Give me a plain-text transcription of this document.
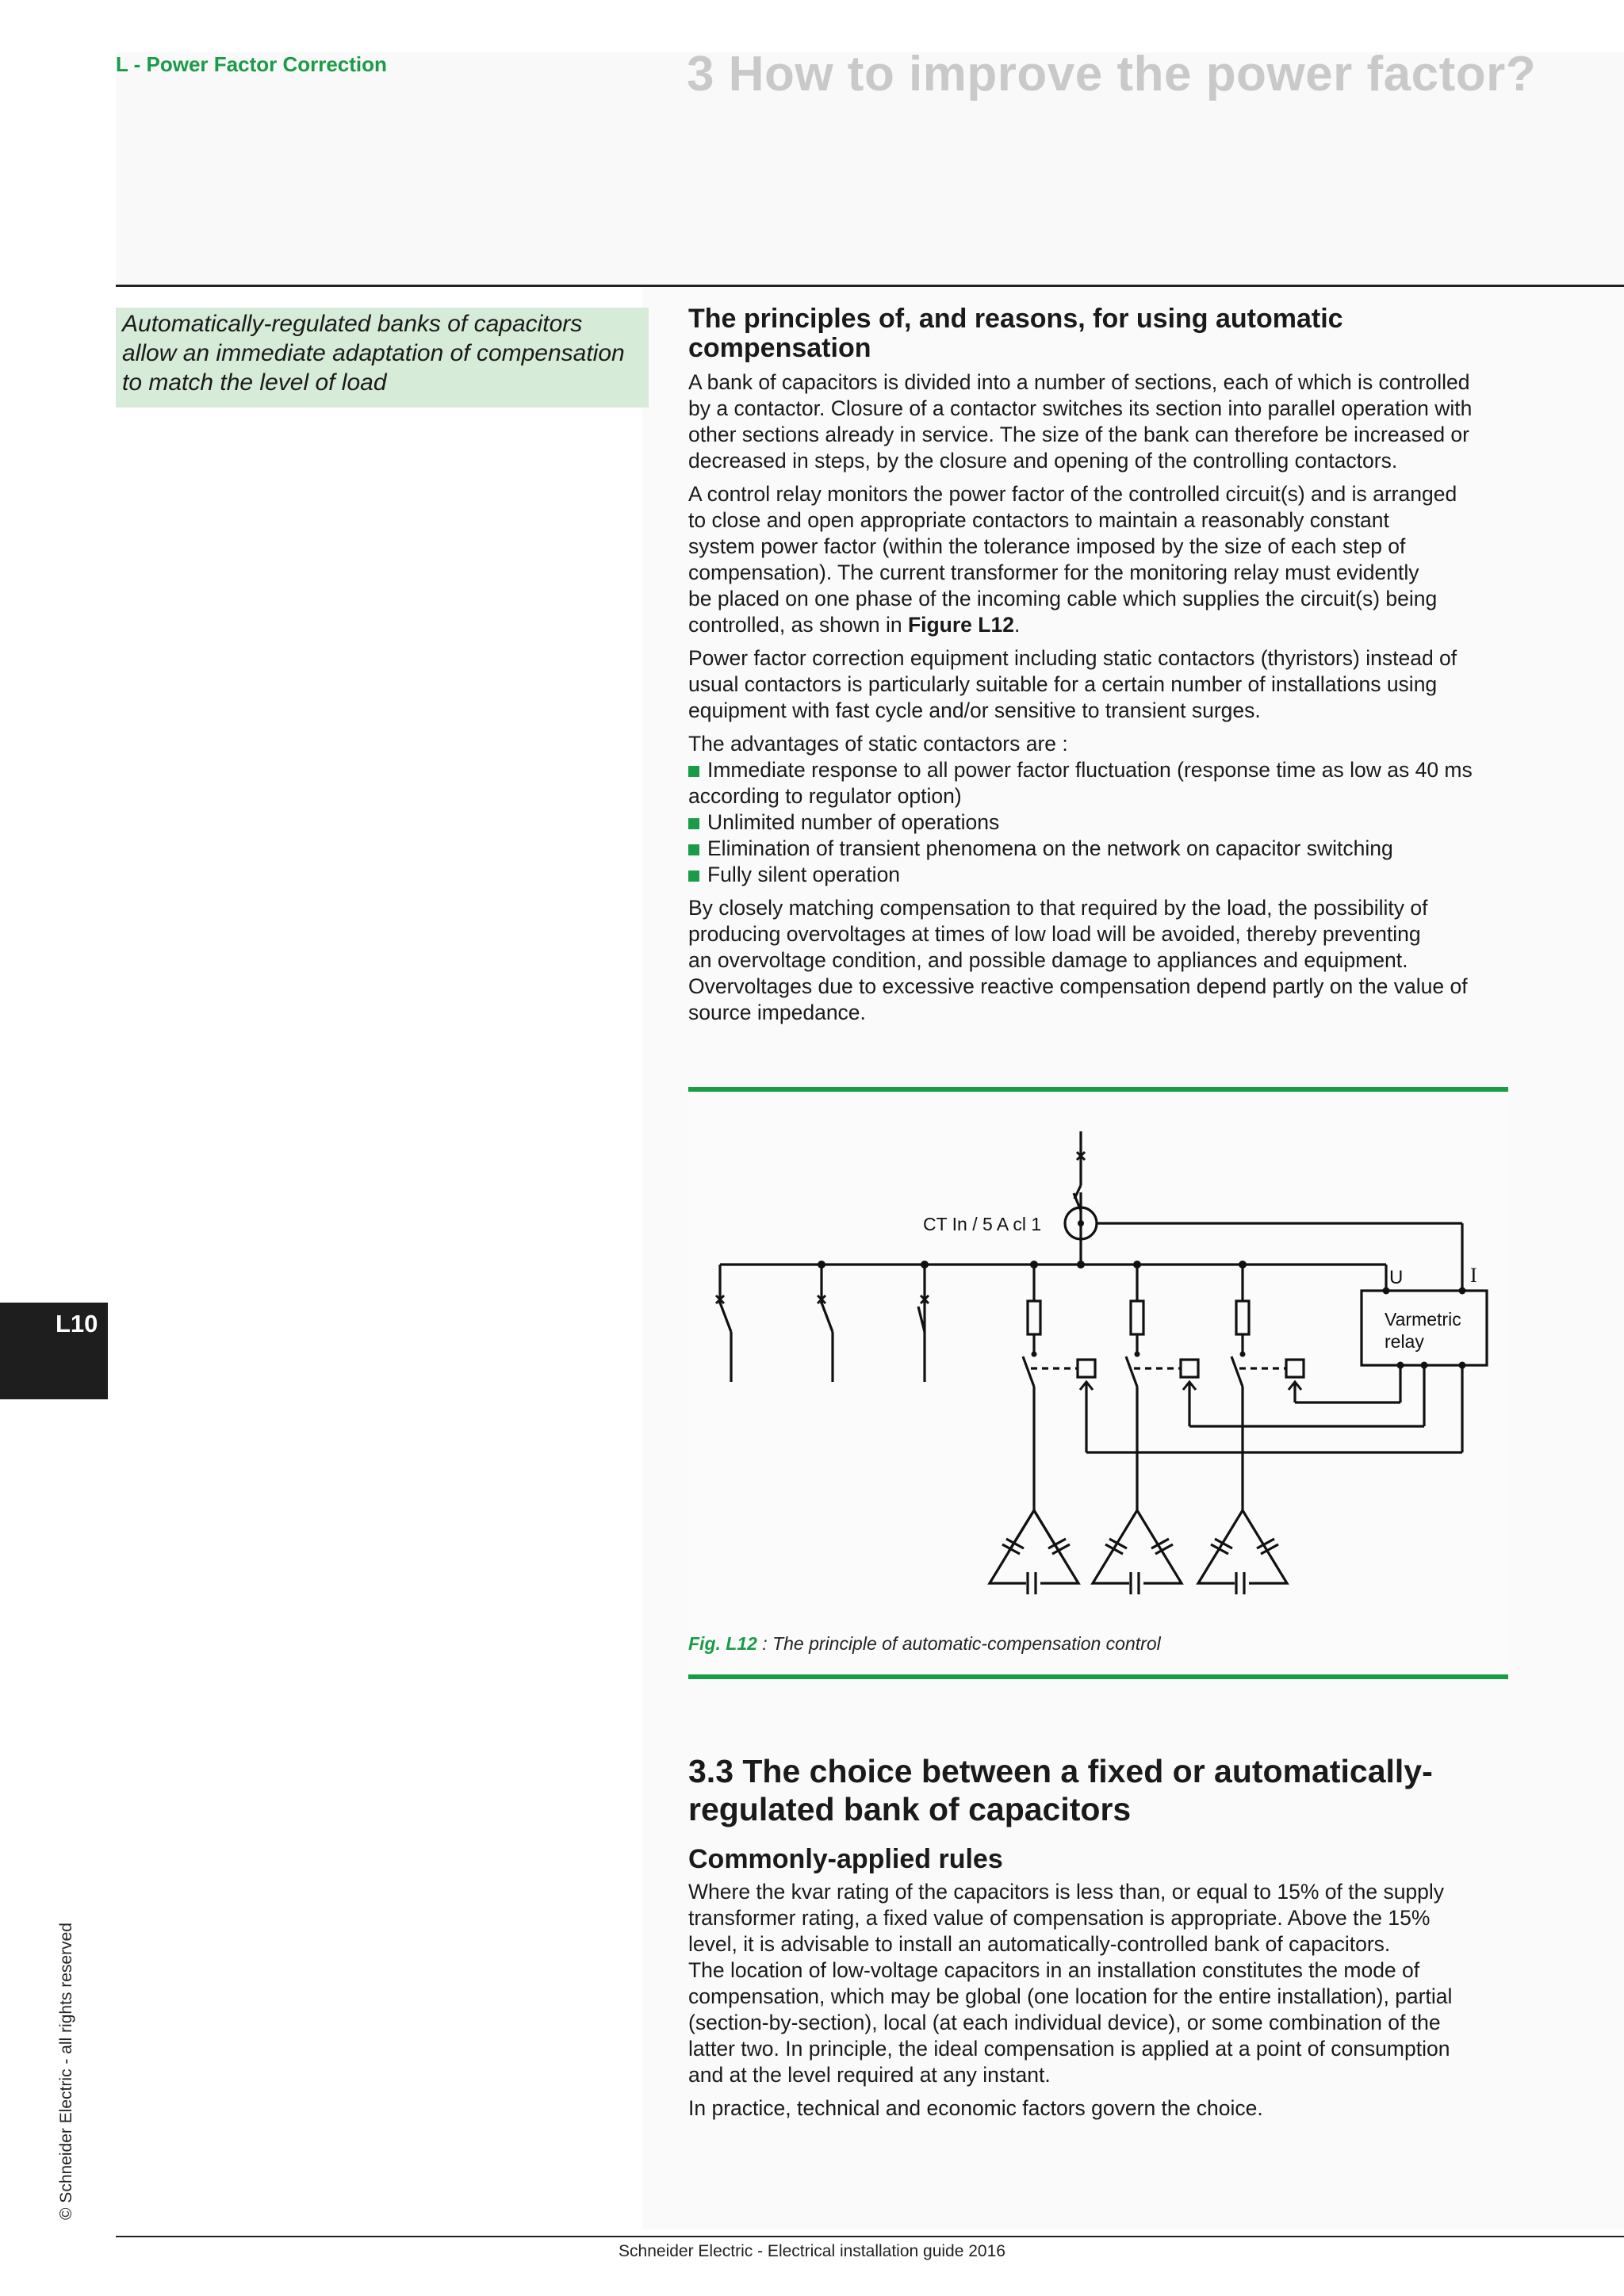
L - Power Factor Correction	3 How to improve the power factor?
Automatically-regulated banks of capacitors
allow an immediate adaptation of compensation
to match the level of load
The principles of, and reasons, for using automatic
compensation

A bank of capacitors is divided into a number of sections, each of which is controlled
by a contactor. Closure of a contactor switches its section into parallel operation with
other sections already in service. The size of the bank can therefore be increased or
decreased in steps, by the closure and opening of the controlling contactors.

A control relay monitors the power factor of the controlled circuit(s) and is arranged
to close and open appropriate contactors to maintain a reasonably constant
system power factor (within the tolerance imposed by the size of each step of
compensation). The current transformer for the monitoring relay must evidently
be placed on one phase of the incoming cable which supplies the circuit(s) being
controlled, as shown in Figure L12.

Power factor correction equipment including static contactors (thyristors) instead of
usual contactors is particularly suitable for a certain number of installations using
equipment with fast cycle and/or sensitive to transient surges.

The advantages of static contactors are :
Immediate response to all power factor fluctuation (response time as low as 40 ms
according to regulator option)
Unlimited number of operations
Elimination of transient phenomena on the network on capacitor switching
Fully silent operation

By closely matching compensation to that required by the load, the possibility of
producing overvoltages at times of low load will be avoided, thereby preventing
an overvoltage condition, and possible damage to appliances and equipment.
Overvoltages due to excessive reactive compensation depend partly on the value of
source impedance.

CT In / 5 A cl 1
U	I
Varmetric
relay
Fig. L12 : The principle of automatic-compensation control
3.3 The choice between a fixed or automatically-
regulated bank of capacitors
Commonly-applied rules

Where the kvar rating of the capacitors is less than, or equal to 15% of the supply
transformer rating, a fixed value of compensation is appropriate. Above the 15%
level, it is advisable to install an automatically-controlled bank of capacitors.
The location of low-voltage capacitors in an installation constitutes the mode of
compensation, which may be global (one location for the entire installation), partial
(section-by-section), local (at each individual device), or some combination of the
latter two. In principle, the ideal compensation is applied at a point of consumption
and at the level required at any instant.

In practice, technical and economic factors govern the choice.

L10
© Schneider Electric - all rights reserved
Schneider Electric - Electrical installation guide 2016
